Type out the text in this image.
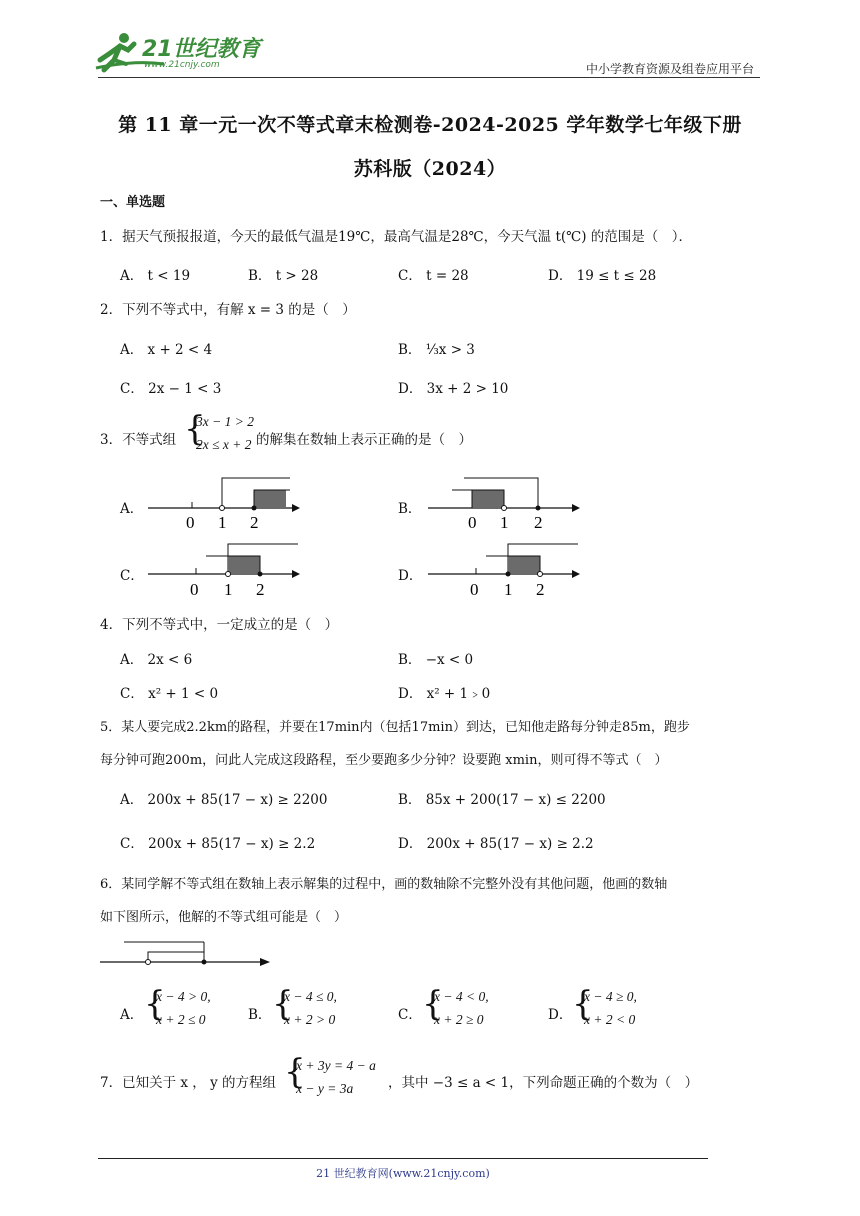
21世纪教育
www.21cnjy.com	中小学教育资源及组卷应用平台
第 11 章一元一次不等式章末检测卷-2024-2025 学年数学七年级下册
苏科版（2024）
一、单选题
1．据天气预报报道，今天的最低气温是19℃，最高气温是28℃，今天气温 t(℃) 的范围是（　）．
A． t < 19	B． t > 28	C． t = 28	D． 19 ≤ t ≤ 28
2．下列不等式中，有解 x = 3 的是（　）
A． x + 2 < 4	B． ⅓x > 3
C． 2x − 1 < 3	D． 3x + 2 > 10
3．不等式组 {
3x − 1 > 2
2x ≤ x + 2 的解集在数轴上表示正确的是（　）
A．	B．
C．	D．
0 1 2	0 1 2
0 1 2	0 1 2
4．下列不等式中，一定成立的是（　）
A． 2x < 6	B． −x < 0
C． x² + 1 < 0	D． x² + 1﹥0
5．某人要完成2.2km的路程，并要在17min内（包括17min）到达，已知他走路每分钟走85m，跑步
每分钟可跑200m，问此人完成这段路程，至少要跑多少分钟？设要跑 xmin，则可得不等式（　）
A． 200x + 85(17 − x) ≥ 2200	B． 85x + 200(17 − x) ≤ 2200
C． 200x + 85(17 − x) ≥ 2.2	D． 200x + 85(17 − x) ≥ 2.2
6．某同学解不等式组在数轴上表示解集的过程中，画的数轴除不完整外没有其他问题，他画的数轴
如下图所示，他解的不等式组可能是（　）
A． {
x − 4 > 0,
x + 2 ≤ 0	B． {
x − 4 ≤ 0,
x + 2 > 0	C． {
x − 4 < 0,
x + 2 ≥ 0	D． {
x − 4 ≥ 0,
x + 2 < 0
7．已知关于 x ， y 的方程组 {
x + 3y = 4 − a
x − y = 3a	，其中 −3 ≤ a < 1，下列命题正确的个数为（　）
21 世纪教育网(www.21cnjy.com)
